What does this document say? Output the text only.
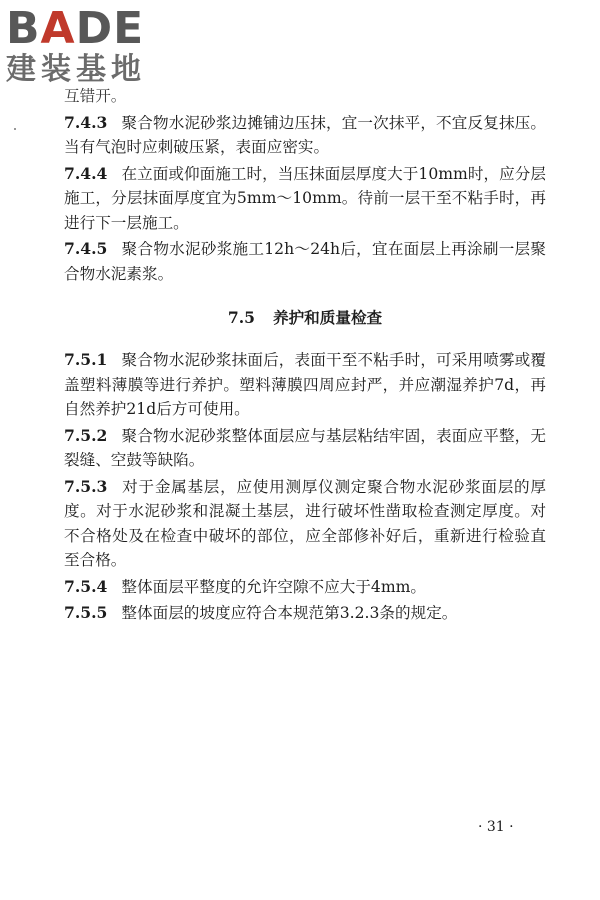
BADE
建装基地

互错开。

7.4.3 聚合物水泥砂浆边摊铺边压抹，宜一次抹平，不宜反复抹压。当有气泡时应刺破压紧，表面应密实。

7.4.4 在立面或仰面施工时，当压抹面层厚度大于10mm时，应分层施工，分层抹面厚度宜为5mm～10mm。待前一层干至不粘手时，再进行下一层施工。

7.4.5 聚合物水泥砂浆施工12h～24h后，宜在面层上再涂刷一层聚合物水泥素浆。

7.5 养护和质量检查

7.5.1 聚合物水泥砂浆抹面后，表面干至不粘手时，可采用喷雾或覆盖塑料薄膜等进行养护。塑料薄膜四周应封严，并应潮湿养护7d，再自然养护21d后方可使用。

7.5.2 聚合物水泥砂浆整体面层应与基层粘结牢固，表面应平整，无裂缝、空鼓等缺陷。

7.5.3 对于金属基层，应使用测厚仪测定聚合物水泥砂浆面层的厚度。对于水泥砂浆和混凝土基层，进行破坏性凿取检查测定厚度。对不合格处及在检查中破坏的部位，应全部修补好后，重新进行检验直至合格。

7.5.4 整体面层平整度的允许空隙不应大于4mm。

7.5.5 整体面层的坡度应符合本规范第3.2.3条的规定。

· 31 ·
